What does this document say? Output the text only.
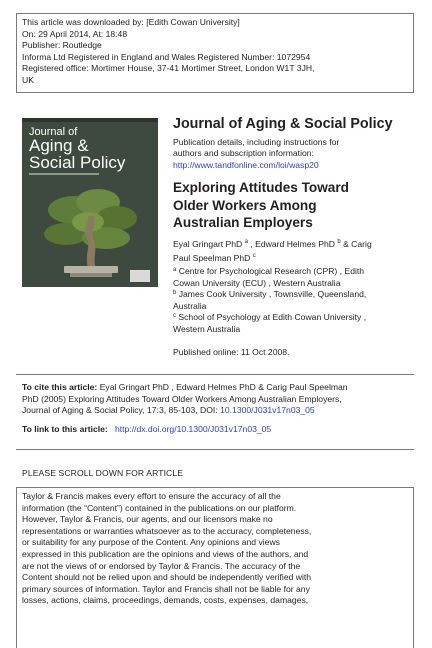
This article was downloaded by: [Edith Cowan University]
On: 29 April 2014, At: 18:48
Publisher: Routledge
Informa Ltd Registered in England and Wales Registered Number: 1072954
Registered office: Mortimer House, 37-41 Mortimer Street, London W1T 3JH,
UK
Journal of
Aging &
Social Policy
Journal of Aging & Social Policy
Publication details, including instructions for
authors and subscription information:
http://www.tandfonline.com/loi/wasp20
Exploring Attitudes Toward
Older Workers Among
Australian Employers
Eyal Gringart PhD $^a$ , Edward Helmes PhD $^b$ & Carig
Paul Speelman PhD $^c$

$^a$ Centre for Psychological Research (CPR) , Edith
Cowan University (ECU) , Western Australia

$^b$ James Cook University , Townsville, Queensland,
Australia

$^c$ School of Psychology at Edith Cowan University ,
Western Australia

Published online: 11 Oct 2008.
To cite this article: Eyal Gringart PhD , Edward Helmes PhD & Carig Paul Speelman
PhD (2005) Exploring Attitudes Toward Older Workers Among Australian Employers,
Journal of Aging & Social Policy, 17:3, 85-103, DOI: 10.1300/J031v17n03_05
To link to this article: http://dx.doi.org/10.1300/J031v17n03_05
PLEASE SCROLL DOWN FOR ARTICLE
Taylor & Francis makes every effort to ensure the accuracy of all the
information (the “Content”) contained in the publications on our platform.
However, Taylor & Francis, our agents, and our licensors make no
representations or warranties whatsoever as to the accuracy, completeness,
or suitability for any purpose of the Content. Any opinions and views
expressed in this publication are the opinions and views of the authors, and
are not the views of or endorsed by Taylor & Francis. The accuracy of the
Content should not be relied upon and should be independently verified with
primary sources of information. Taylor and Francis shall not be liable for any
losses, actions, claims, proceedings, demands, costs, expenses, damages,
